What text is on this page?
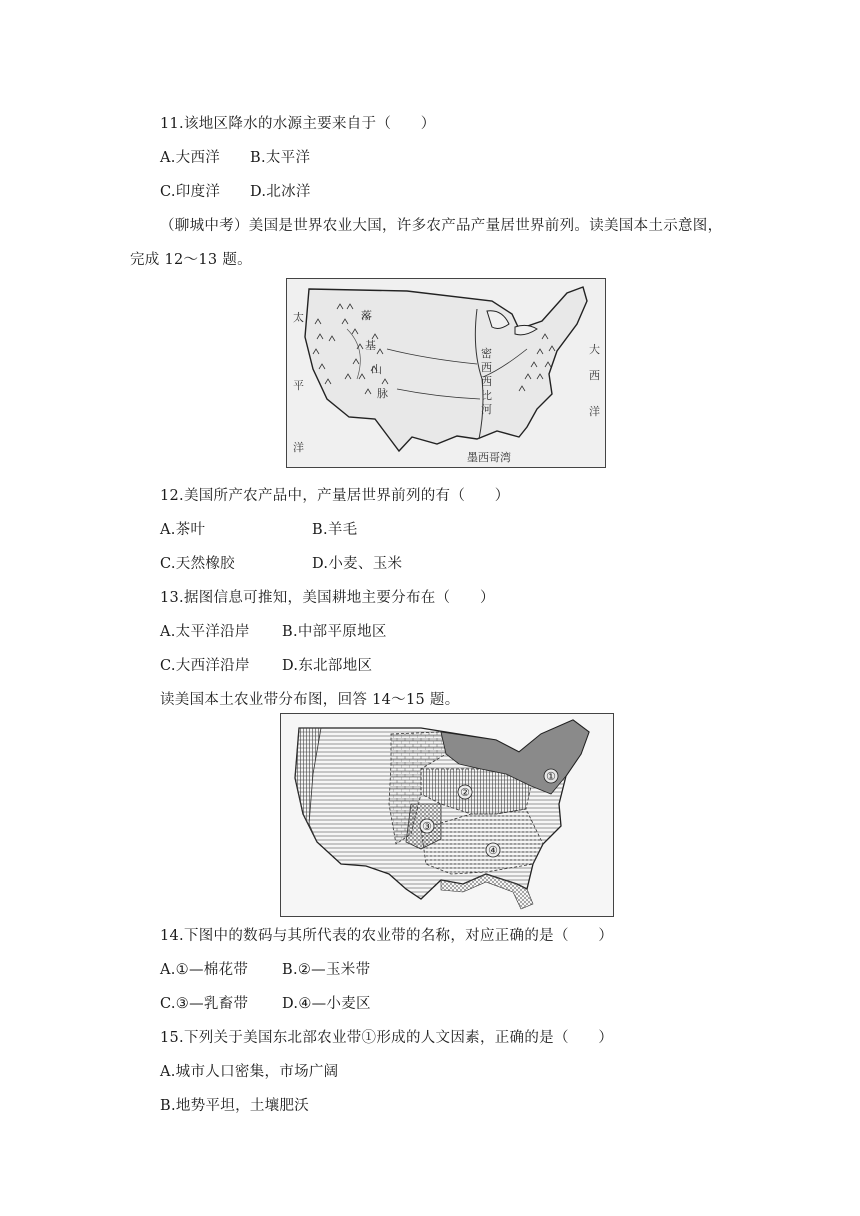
11.该地区降水的水源主要来自于（　　）
A.大西洋 B.太平洋
C.印度洋 D.北冰洋
（聊城中考）美国是世界农业大国，许多农产品产量居世界前列。读美国本土示意图，
完成 12～13 题。
太
平
洋
大
西
洋
墨西哥湾
密
西
西
比
河
落
基
山
脉
12.美国所产农产品中，产量居世界前列的有（　　）
A.茶叶	B.羊毛
C.天然橡胶	D.小麦、玉米
13.据图信息可推知，美国耕地主要分布在（　　）
A.太平洋沿岸 B.中部平原地区
C.大西洋沿岸 D.东北部地区
读美国本土农业带分布图，回答 14～15 题。
①
②
③
④
14.下图中的数码与其所代表的农业带的名称，对应正确的是（　　）
A.①—棉花带 B.②—玉米带
C.③—乳畜带 D.④—小麦区
15.下列关于美国东北部农业带①形成的人文因素，正确的是（　　）
A.城市人口密集，市场广阔
B.地势平坦，土壤肥沃
